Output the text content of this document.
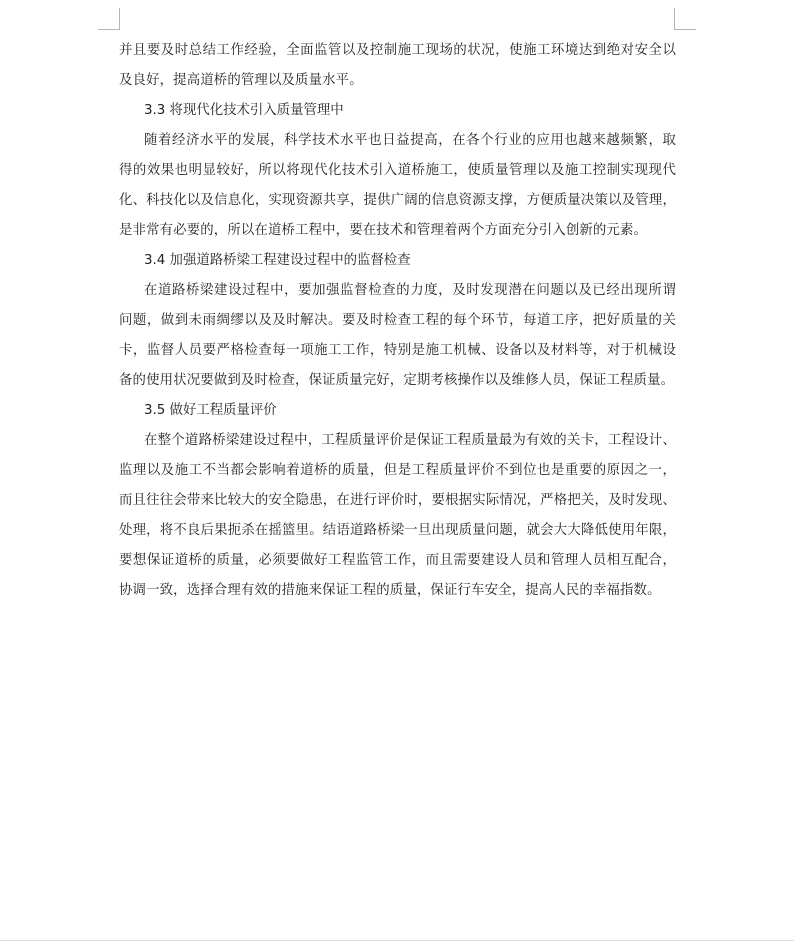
并且要及时总结工作经验，全面监管以及控制施工现场的状况，使施工环境达到绝对安全以
及良好，提高道桥的管理以及质量水平。
3.3 将现代化技术引入质量管理中
随着经济水平的发展，科学技术水平也日益提高，在各个行业的应用也越来越频繁，取
得的效果也明显较好，所以将现代化技术引入道桥施工，使质量管理以及施工控制实现现代
化、科技化以及信息化，实现资源共享，提供广阔的信息资源支撑，方便质量决策以及管理，
是非常有必要的，所以在道桥工程中，要在技术和管理着两个方面充分引入创新的元素。
3.4 加强道路桥梁工程建设过程中的监督检查
在道路桥梁建设过程中，要加强监督检查的力度，及时发现潜在问题以及已经出现所谓
问题，做到未雨绸缪以及及时解决。要及时检查工程的每个环节，每道工序，把好质量的关
卡，监督人员要严格检查每一项施工工作，特别是施工机械、设备以及材料等，对于机械设
备的使用状况要做到及时检查，保证质量完好，定期考核操作以及维修人员，保证工程质量。
3.5 做好工程质量评价
在整个道路桥梁建设过程中，工程质量评价是保证工程质量最为有效的关卡，工程设计、
监理以及施工不当都会影响着道桥的质量，但是工程质量评价不到位也是重要的原因之一，
而且往往会带来比较大的安全隐患，在进行评价时，要根据实际情况，严格把关，及时发现、
处理，将不良后果扼杀在摇篮里。结语道路桥梁一旦出现质量问题，就会大大降低使用年限，
要想保证道桥的质量，必须要做好工程监管工作，而且需要建设人员和管理人员相互配合，
协调一致，选择合理有效的措施来保证工程的质量，保证行车安全，提高人民的幸福指数。
